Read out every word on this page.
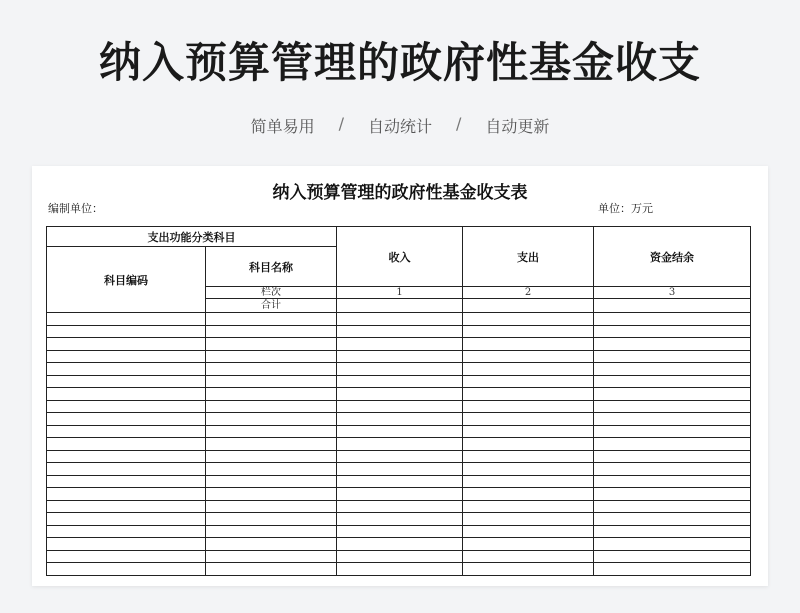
纳入预算管理的政府性基金收支
简单易用 / 自动统计 / 自动更新
纳入预算管理的政府性基金收支表
编制单位：	单位：万元
支出功能分类科目		收入	支出	资金结余
科目编码	科目名称			
	栏次	1	2	3
	合计			
